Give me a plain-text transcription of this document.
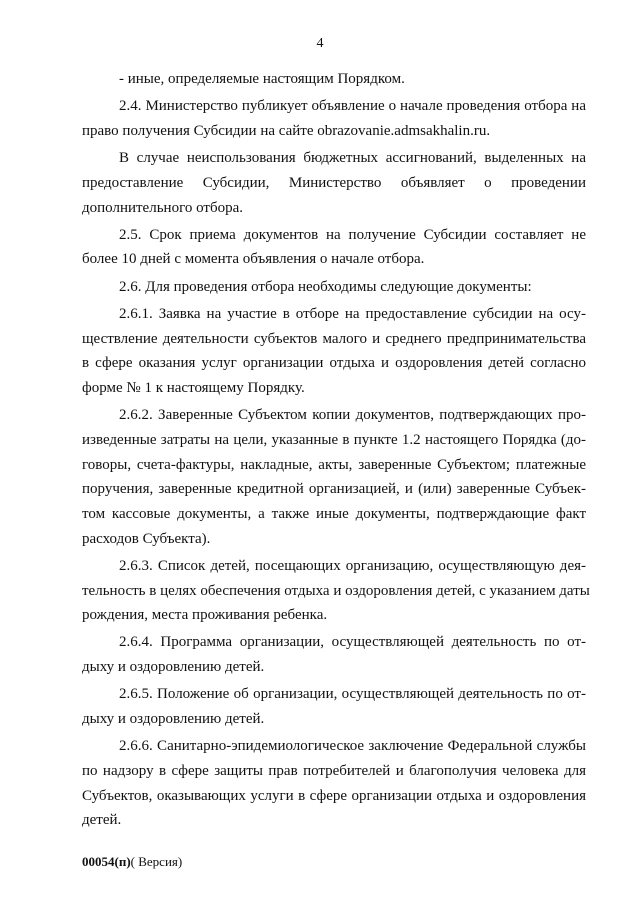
4

- иные, определяемые настоящим Порядком.

2.4. Министерство публикует объявление о начале проведения отбора на
право получения Субсидии на сайте obrazovanie.admsakhalin.ru.

В случае неиспользования бюджетных ассигнований, выделенных на
предоставление Субсидии, Министерство объявляет о проведении
дополнительного отбора.

2.5. Срок приема документов на получение Субсидии составляет не
более 10 дней с момента объявления о начале отбора.

2.6. Для проведения отбора необходимы следующие документы:

2.6.1. Заявка на участие в отборе на предоставление субсидии на осу-
ществление деятельности субъектов малого и среднего предпринимательства
в сфере оказания услуг организации отдыха и оздоровления детей согласно
форме № 1 к настоящему Порядку.

2.6.2. Заверенные Субъектом копии документов, подтверждающих про-
изведенные затраты на цели, указанные в пункте 1.2 настоящего Порядка (до-
говоры, счета-фактуры, накладные, акты, заверенные Субъектом; платежные
поручения, заверенные кредитной организацией, и (или) заверенные Субъек-
том кассовые документы, а также иные документы, подтверждающие факт
расходов Субъекта).

2.6.3. Список детей, посещающих организацию, осуществляющую дея-
тельность в целях обеспечения отдыха и оздоровления детей, с указанием даты
рождения, места проживания ребенка.

2.6.4. Программа организации, осуществляющей деятельность по от-
дыху и оздоровлению детей.

2.6.5. Положение об организации, осуществляющей деятельность по от-
дыху и оздоровлению детей.

2.6.6. Санитарно-эпидемиологическое заключение Федеральной службы
по надзору в сфере защиты прав потребителей и благополучия человека для
Субъектов, оказывающих услуги в сфере организации отдыха и оздоровления
детей.

00054(п)( Версия)
